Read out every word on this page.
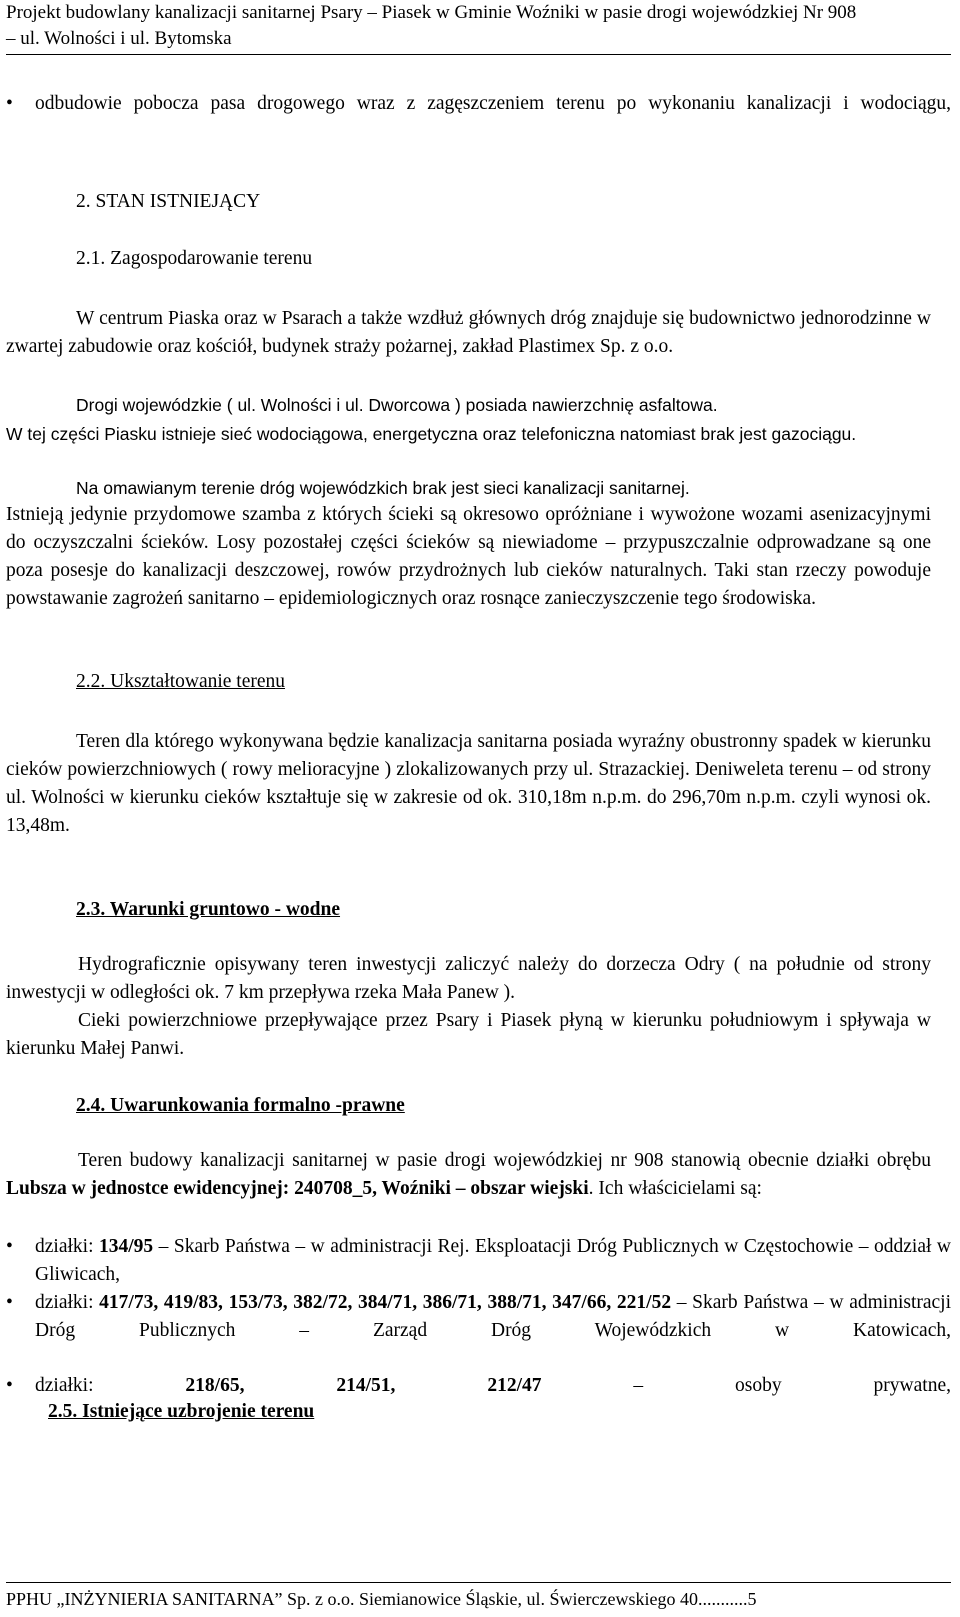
Projekt budowlany kanalizacji sanitarnej Psary – Piasek w Gminie Woźniki w pasie drogi wojewódzkiej Nr 908
– ul. Wolności i ul. Bytomska
•	odbudowie pobocza pasa drogowego wraz z zagęszczeniem terenu po wykonaniu kanalizacji i wodociągu,
2. STAN ISTNIEJĄCY
2.1. Zagospodarowanie terenu
W centrum Piaska oraz w Psarach a także wzdłuż głównych dróg znajduje się budownictwo jednorodzinne w zwartej zabudowie oraz kościół, budynek straży pożarnej, zakład Plastimex Sp. z o.o.
Drogi wojewódzkie ( ul. Wolności i ul. Dworcowa ) posiada nawierzchnię asfaltowa.
W tej części Piasku istnieje sieć wodociągowa, energetyczna oraz telefoniczna natomiast brak jest gazociągu.
Na omawianym terenie dróg wojewódzkich brak jest sieci kanalizacji sanitarnej.
Istnieją jedynie przydomowe szamba z których ścieki są okresowo opróżniane i wywożone wozami asenizacyjnymi do oczyszczalni ścieków. Losy pozostałej części ścieków są niewiadome – przypuszczalnie odprowadzane są one poza posesje do kanalizacji deszczowej, rowów przydrożnych lub cieków naturalnych. Taki stan rzeczy powoduje powstawanie zagrożeń sanitarno – epidemiologicznych oraz rosnące zanieczyszczenie tego środowiska.
2.2. Ukształtowanie terenu
Teren dla którego wykonywana będzie kanalizacja sanitarna posiada wyraźny obustronny spadek w kierunku cieków powierzchniowych ( rowy melioracyjne ) zlokalizowanych przy ul. Strazackiej. Deniweleta terenu – od strony ul. Wolności w kierunku cieków kształtuje się w zakresie od ok. 310,18m n.p.m. do 296,70m n.p.m. czyli wynosi ok. 13,48m.
2.3. Warunki gruntowo - wodne
Hydrograficznie opisywany teren inwestycji zaliczyć należy do dorzecza Odry ( na południe od strony inwestycji w odległości ok. 7 km przepływa rzeka Mała Panew ).
Cieki powierzchniowe przepływające przez Psary i Piasek płyną w kierunku południowym i spływaja w kierunku Małej Panwi.
2.4. Uwarunkowania formalno -prawne
Teren budowy kanalizacji sanitarnej w pasie drogi wojewódzkiej nr 908 stanowią obecnie działki obrębu Lubsza w jednostce ewidencyjnej: 240708_5, Woźniki – obszar wiejski. Ich właścicielami są:
•	działki: 134/95 – Skarb Państwa – w administracji Rej. Eksploatacji Dróg Publicznych w Częstochowie – oddział w Gliwicach,
•	działki: 417/73, 419/83, 153/73, 382/72, 384/71, 386/71, 388/71, 347/66, 221/52 – Skarb Państwa – w administracji Dróg Publicznych – Zarząd Dróg Wojewódzkich w Katowicach,
•	działki: 218/65, 214/51, 212/47 – osoby prywatne,
2.5. Istniejące uzbrojenie terenu
PPHU „INŻYNIERIA SANITARNA” Sp. z o.o. Siemianowice Śląskie, ul. Świerczewskiego 40...........5
